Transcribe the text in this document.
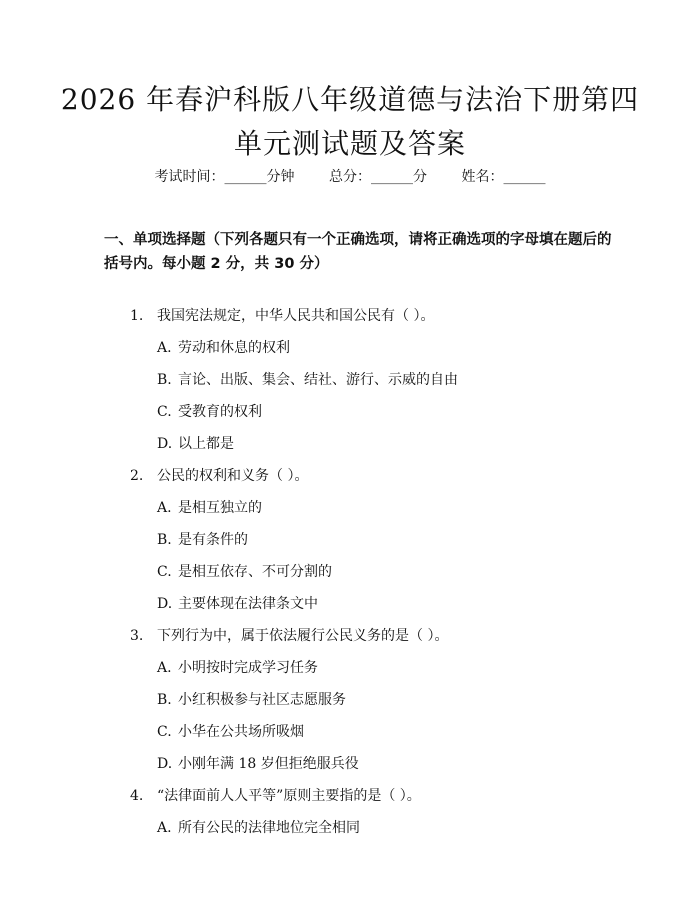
2026 年春沪科版八年级道德与法治下册第四
单元测试题及答案
考试时间：______分钟 总分：______分 姓名：______
一、单项选择题（下列各题只有一个正确选项，请将正确选项的字母填在题后的括号内。每小题 2 分，共 30 分）
1. 我国宪法规定，中华人民共和国公民有（ ）。
A. 劳动和休息的权利
B. 言论、出版、集会、结社、游行、示威的自由
C. 受教育的权利
D. 以上都是
2. 公民的权利和义务（ ）。
A. 是相互独立的
B. 是有条件的
C. 是相互依存、不可分割的
D. 主要体现在法律条文中
3. 下列行为中，属于依法履行公民义务的是（ ）。
A. 小明按时完成学习任务
B. 小红积极参与社区志愿服务
C. 小华在公共场所吸烟
D. 小刚年满 18 岁但拒绝服兵役
4. “法律面前人人平等”原则主要指的是（ ）。
A. 所有公民的法律地位完全相同
